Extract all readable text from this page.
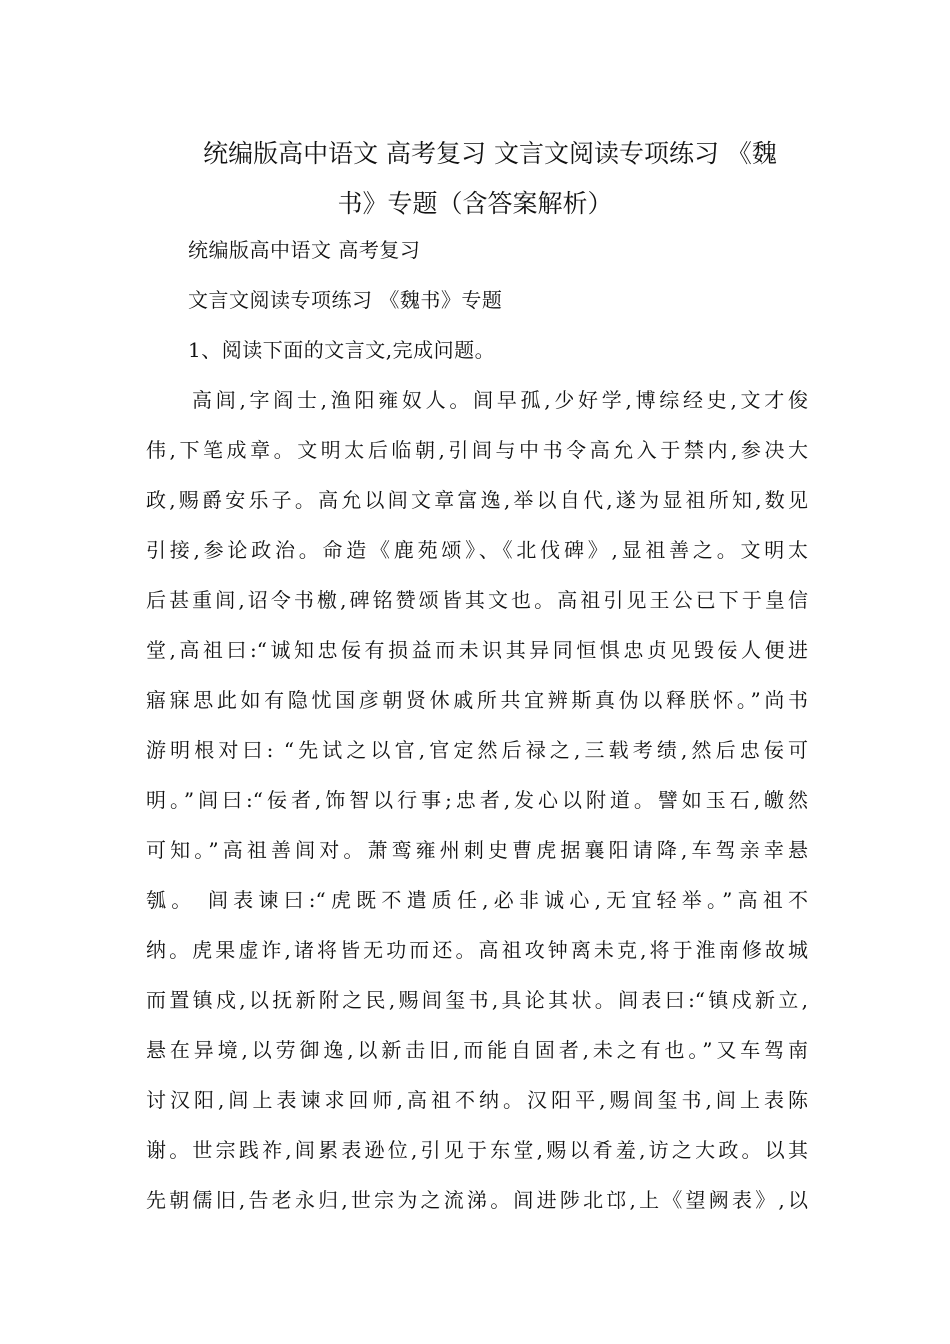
统编版高中语文 高考复习 文言文阅读专项练习 《魏
书》专题（含答案解析）
统编版高中语文 高考复习
文言文阅读专项练习 《魏书》专题
1、阅读下面的文言文,完成问题。
高闾,字阎士,渔阳雍奴人。闾早孤,少好学,博综经史,文才俊
伟,下笔成章。文明太后临朝,引闾与中书令高允入于禁内,参决大
政,赐爵安乐子。高允以闾文章富逸,举以自代,遂为显祖所知,数见
引接,参论政治。命造《鹿苑颂》、《北伐碑》,显祖善之。文明太
后甚重闾,诏令书檄,碑铭赞颂皆其文也。高祖引见王公已下于皇信
堂,高祖曰:“诚知忠佞有损益而未识其异同恒惧忠贞见毁佞人便进
寤寐思此如有隐忧国彦朝贤休戚所共宜辨斯真伪以释朕怀。”尚书
游明根对曰: “先试之以官,官定然后禄之,三载考绩,然后忠佞可
明。”闾曰:“佞者,饰智以行事;忠者,发心以附道。譬如玉石,皦然
可知。”高祖善闾对。萧鸾雍州刺史曹虎据襄阳请降,车驾亲幸悬
瓠。 闾表谏曰:“虎既不遣质任,必非诚心,无宜轻举。”高祖不
纳。虎果虚诈,诸将皆无功而还。高祖攻钟离未克,将于淮南修故城
而置镇戍,以抚新附之民,赐闾玺书,具论其状。闾表曰:“镇戍新立,
悬在异境,以劳御逸,以新击旧,而能自固者,未之有也。”又车驾南
讨汉阳,闾上表谏求回师,高祖不纳。汉阳平,赐闾玺书,闾上表陈
谢。世宗践祚,闾累表逊位,引见于东堂,赐以肴羞,访之大政。以其
先朝儒旧,告老永归,世宗为之流涕。闾进陟北邙,上《望阙表》,以
